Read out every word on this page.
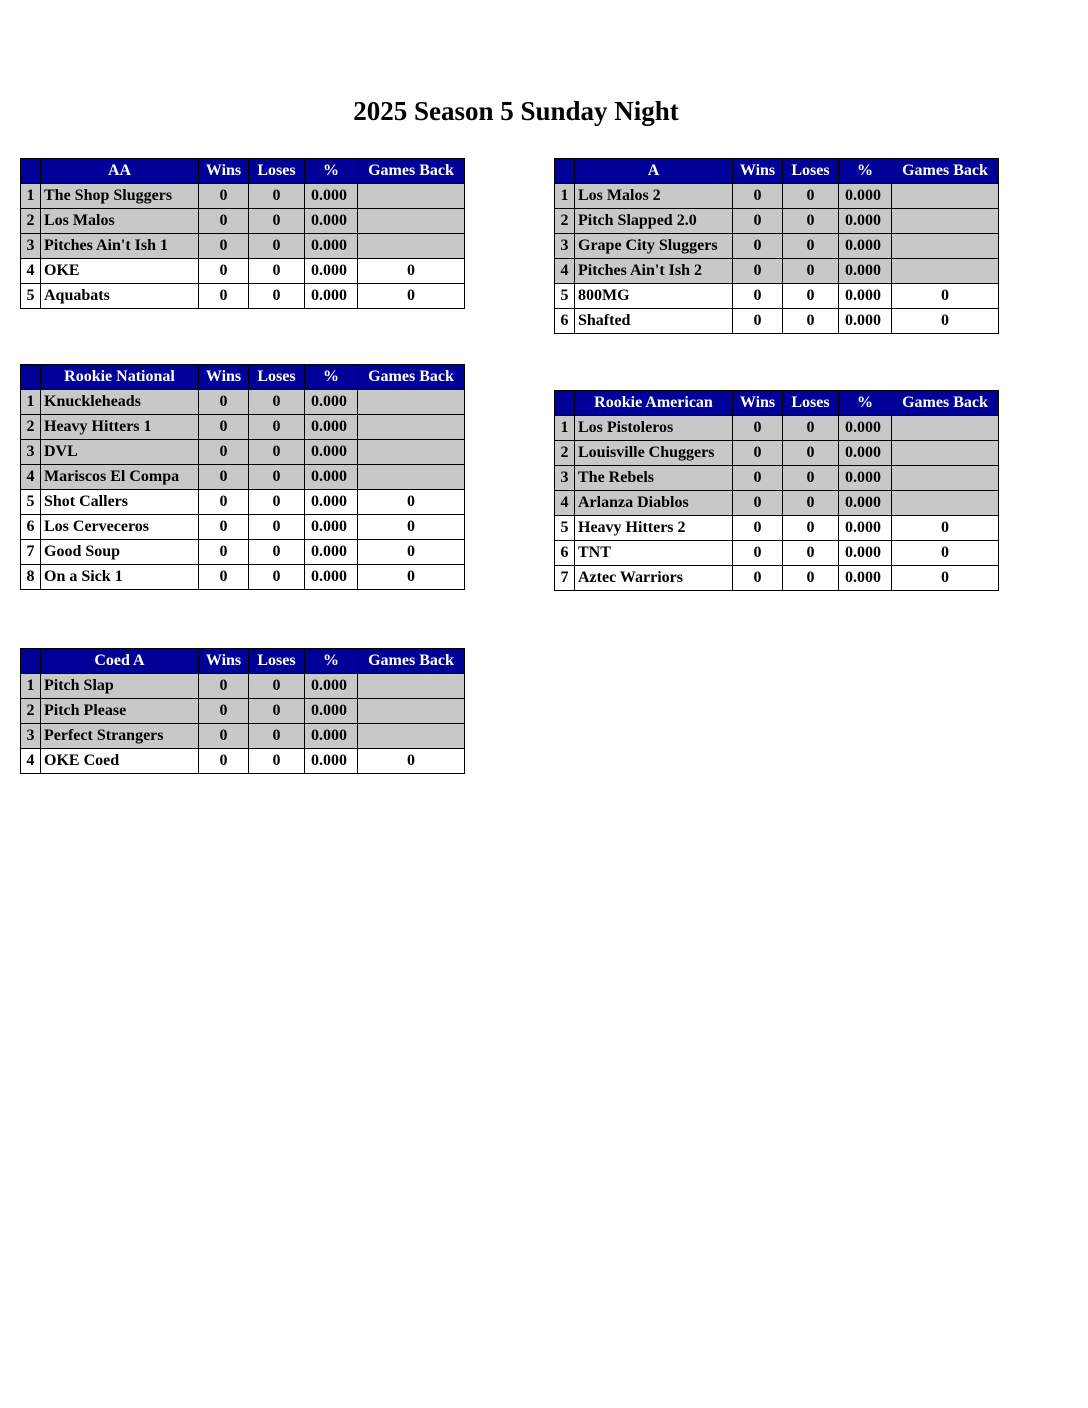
2025 Season 5 Sunday Night
	AA	Wins	Loses	%	Games Back
1	The Shop Sluggers	0	0	0.000	
2	Los Malos	0	0	0.000	
3	Pitches Ain't Ish 1	0	0	0.000	
4	OKE	0	0	0.000	0
5	Aquabats	0	0	0.000	0
	A	Wins	Loses	%	Games Back
1	Los Malos 2	0	0	0.000	
2	Pitch Slapped 2.0	0	0	0.000	
3	Grape City Sluggers	0	0	0.000	
4	Pitches Ain't Ish 2	0	0	0.000	
5	800MG	0	0	0.000	0
6	Shafted	0	0	0.000	0
	Rookie National	Wins	Loses	%	Games Back
1	Knuckleheads	0	0	0.000	
2	Heavy Hitters 1	0	0	0.000	
3	DVL	0	0	0.000	
4	Mariscos El Compa	0	0	0.000	
5	Shot Callers	0	0	0.000	0
6	Los Cerveceros	0	0	0.000	0
7	Good Soup	0	0	0.000	0
8	On a Sick 1	0	0	0.000	0
	Rookie American	Wins	Loses	%	Games Back
1	Los Pistoleros	0	0	0.000	
2	Louisville Chuggers	0	0	0.000	
3	The Rebels	0	0	0.000	
4	Arlanza Diablos	0	0	0.000	
5	Heavy Hitters 2	0	0	0.000	0
6	TNT	0	0	0.000	0
7	Aztec Warriors	0	0	0.000	0
	Coed A	Wins	Loses	%	Games Back
1	Pitch Slap	0	0	0.000	
2	Pitch Please	0	0	0.000	
3	Perfect Strangers	0	0	0.000	
4	OKE Coed	0	0	0.000	0
